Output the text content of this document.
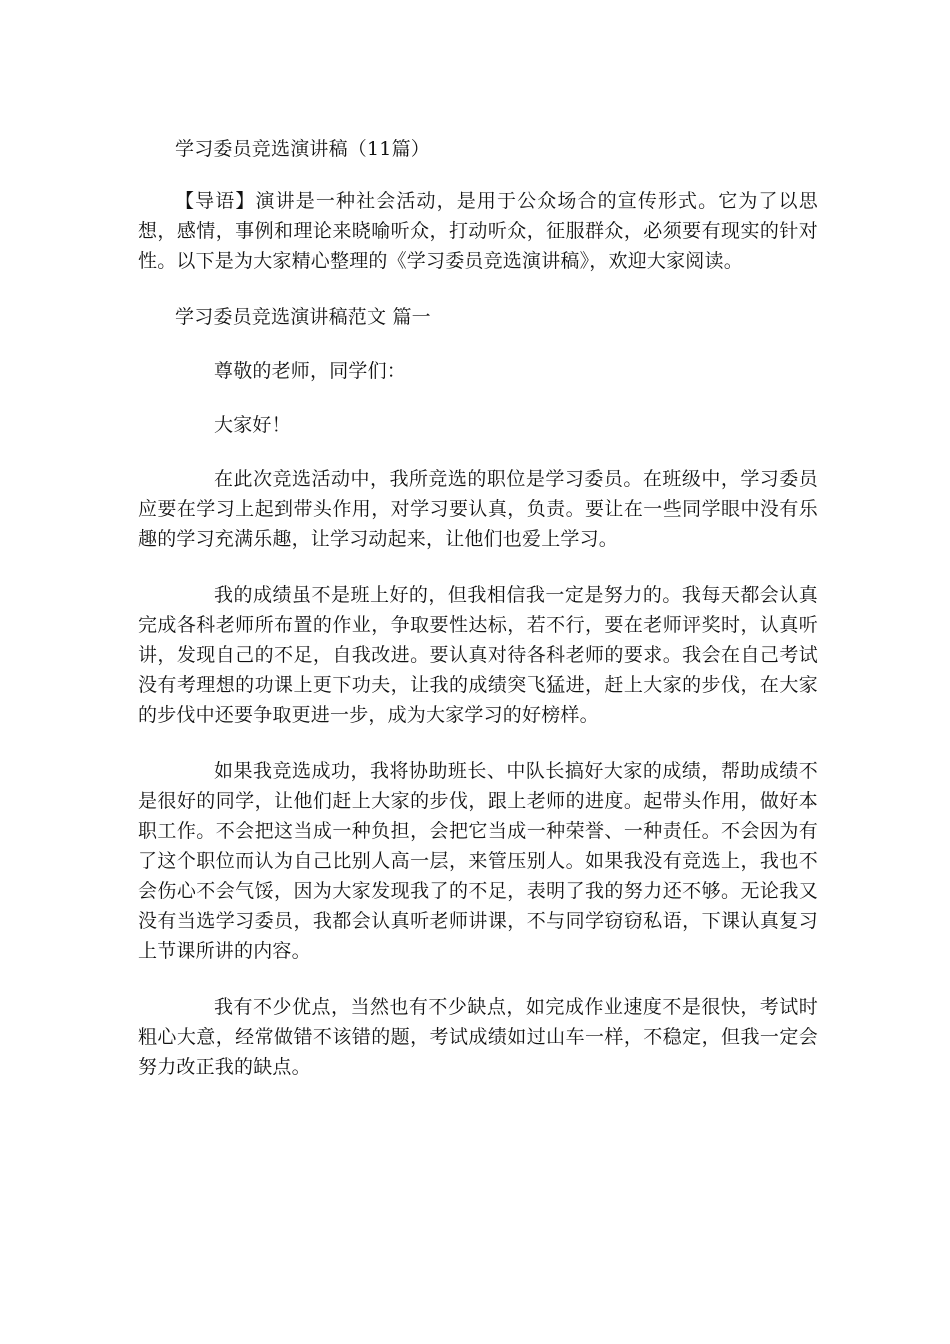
学习委员竞选演讲稿（11篇）

【导语】演讲是一种社会活动，是用于公众场合的宣传形式。它为了以思想，感情，事例和理论来晓喻听众，打动听众，征服群众，必须要有现实的针对性。以下是为大家精心整理的《学习委员竞选演讲稿》，欢迎大家阅读。

学习委员竞选演讲稿范文 篇一

尊敬的老师，同学们：

大家好！

在此次竞选活动中，我所竞选的职位是学习委员。在班级中，学习委员应要在学习上起到带头作用，对学习要认真，负责。要让在一些同学眼中没有乐趣的学习充满乐趣，让学习动起来，让他们也爱上学习。

我的成绩虽不是班上好的，但我相信我一定是努力的。我每天都会认真完成各科老师所布置的作业，争取要性达标，若不行，要在老师评奖时，认真听讲，发现自己的不足，自我改进。要认真对待各科老师的要求。我会在自己考试没有考理想的功课上更下功夫，让我的成绩突飞猛进，赶上大家的步伐，在大家的步伐中还要争取更进一步，成为大家学习的好榜样。

如果我竞选成功，我将协助班长、中队长搞好大家的成绩，帮助成绩不是很好的同学，让他们赶上大家的步伐，跟上老师的进度。起带头作用，做好本职工作。不会把这当成一种负担，会把它当成一种荣誉、一种责任。不会因为有了这个职位而认为自己比别人高一层，来管压别人。如果我没有竞选上，我也不会伤心不会气馁，因为大家发现我了的不足，表明了我的努力还不够。无论我又没有当选学习委员，我都会认真听老师讲课，不与同学窃窃私语，下课认真复习上节课所讲的内容。

我有不少优点，当然也有不少缺点，如完成作业速度不是很快，考试时粗心大意，经常做错不该错的题，考试成绩如过山车一样，不稳定，但我一定会努力改正我的缺点。
